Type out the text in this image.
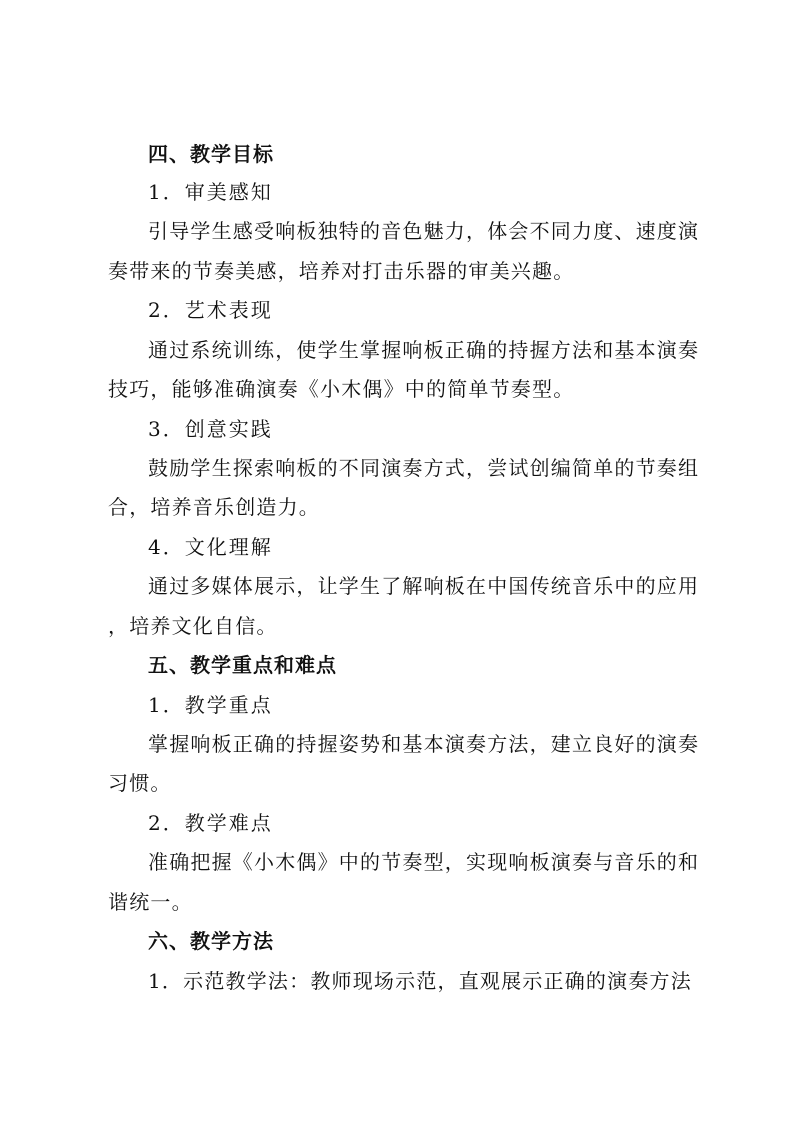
四、教学目标
1．审美感知
引导学生感受响板独特的音色魅力，体会不同力度、速度演
奏带来的节奏美感，培养对打击乐器的审美兴趣。
2．艺术表现
通过系统训练，使学生掌握响板正确的持握方法和基本演奏
技巧，能够准确演奏《小木偶》中的简单节奏型。
3．创意实践
鼓励学生探索响板的不同演奏方式，尝试创编简单的节奏组
合，培养音乐创造力。
4．文化理解
通过多媒体展示，让学生了解响板在中国传统音乐中的应用
，培养文化自信。
五、教学重点和难点
1．教学重点
掌握响板正确的持握姿势和基本演奏方法，建立良好的演奏
习惯。
2．教学难点
准确把握《小木偶》中的节奏型，实现响板演奏与音乐的和
谐统一。
六、教学方法
1．示范教学法：教师现场示范，直观展示正确的演奏方法
